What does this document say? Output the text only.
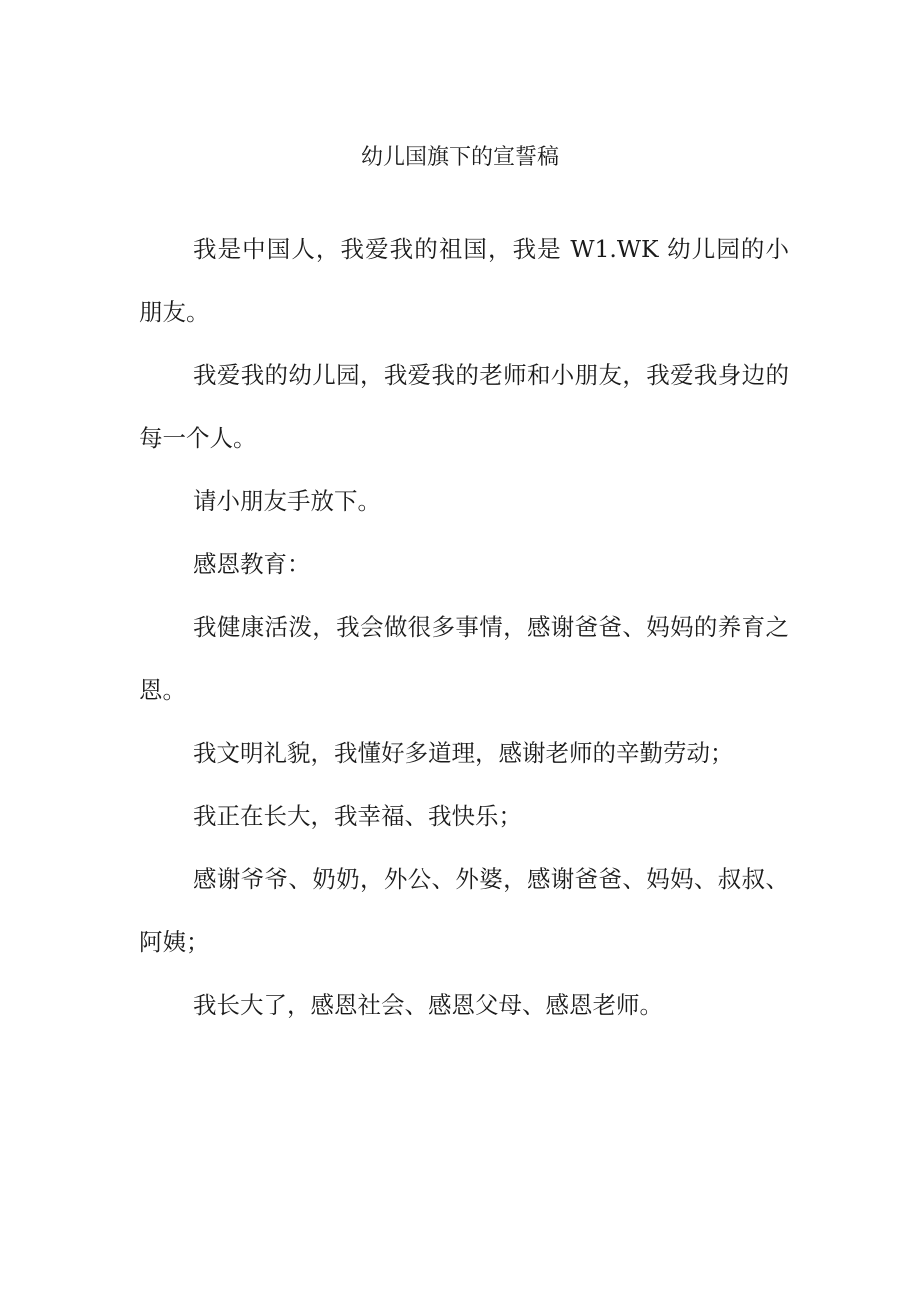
幼儿国旗下的宣誓稿

我是中国人，我爱我的祖国，我是 W1.WK 幼儿园的小朋友。

我爱我的幼儿园，我爱我的老师和小朋友，我爱我身边的每一个人。

请小朋友手放下。

感恩教育：

我健康活泼，我会做很多事情，感谢爸爸、妈妈的养育之恩。

我文明礼貌，我懂好多道理，感谢老师的辛勤劳动；

我正在长大，我幸福、我快乐；

感谢爷爷、奶奶，外公、外婆，感谢爸爸、妈妈、叔叔、阿姨；

我长大了，感恩社会、感恩父母、感恩老师。
